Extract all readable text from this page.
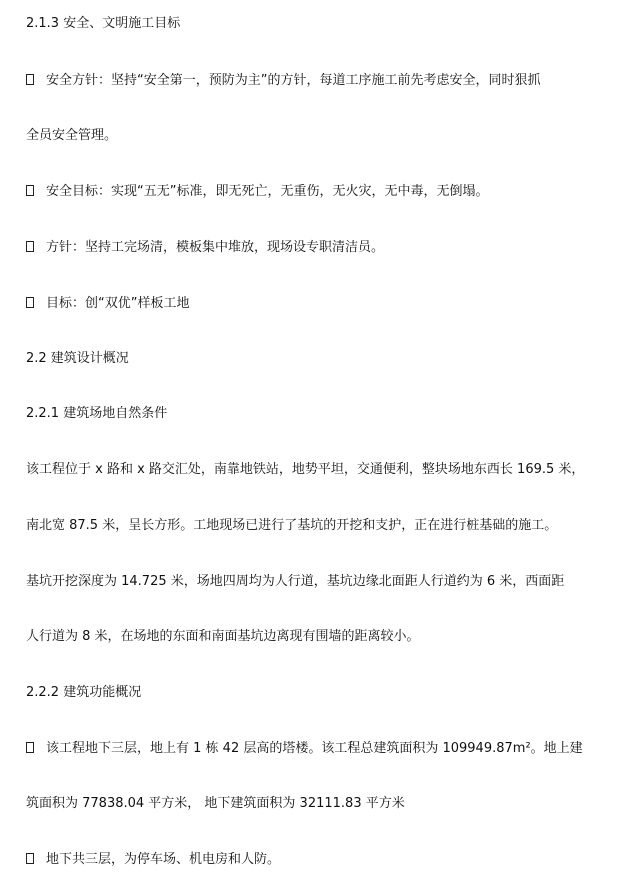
2.1.3 安全、文明施工目标
安全方针：坚持“安全第一，预防为主”的方针，每道工序施工前先考虑安全，同时狠抓
全员安全管理。
安全目标：实现“五无”标准，即无死亡，无重伤，无火灾，无中毒，无倒塌。
方针：坚持工完场清，模板集中堆放，现场设专职清洁员。
目标：创“双优”样板工地
2.2 建筑设计概况
2.2.1 建筑场地自然条件
该工程位于 x 路和 x 路交汇处，南靠地铁站，地势平坦，交通便利，整块场地东西长 169.5 米，
南北宽 87.5 米，呈长方形。工地现场已进行了基坑的开挖和支护，正在进行桩基础的施工。
基坑开挖深度为 14.725 米，场地四周均为人行道，基坑边缘北面距人行道约为 6 米，西面距
人行道为 8 米，在场地的东面和南面基坑边离现有围墙的距离较小。
2.2.2 建筑功能概况
该工程地下三层，地上有 1 栋 42 层高的塔楼。该工程总建筑面积为 109949.87m²。地上建
筑面积为 77838.04 平方米， 地下建筑面积为 32111.83 平方米
地下共三层，为停车场、机电房和人防。
